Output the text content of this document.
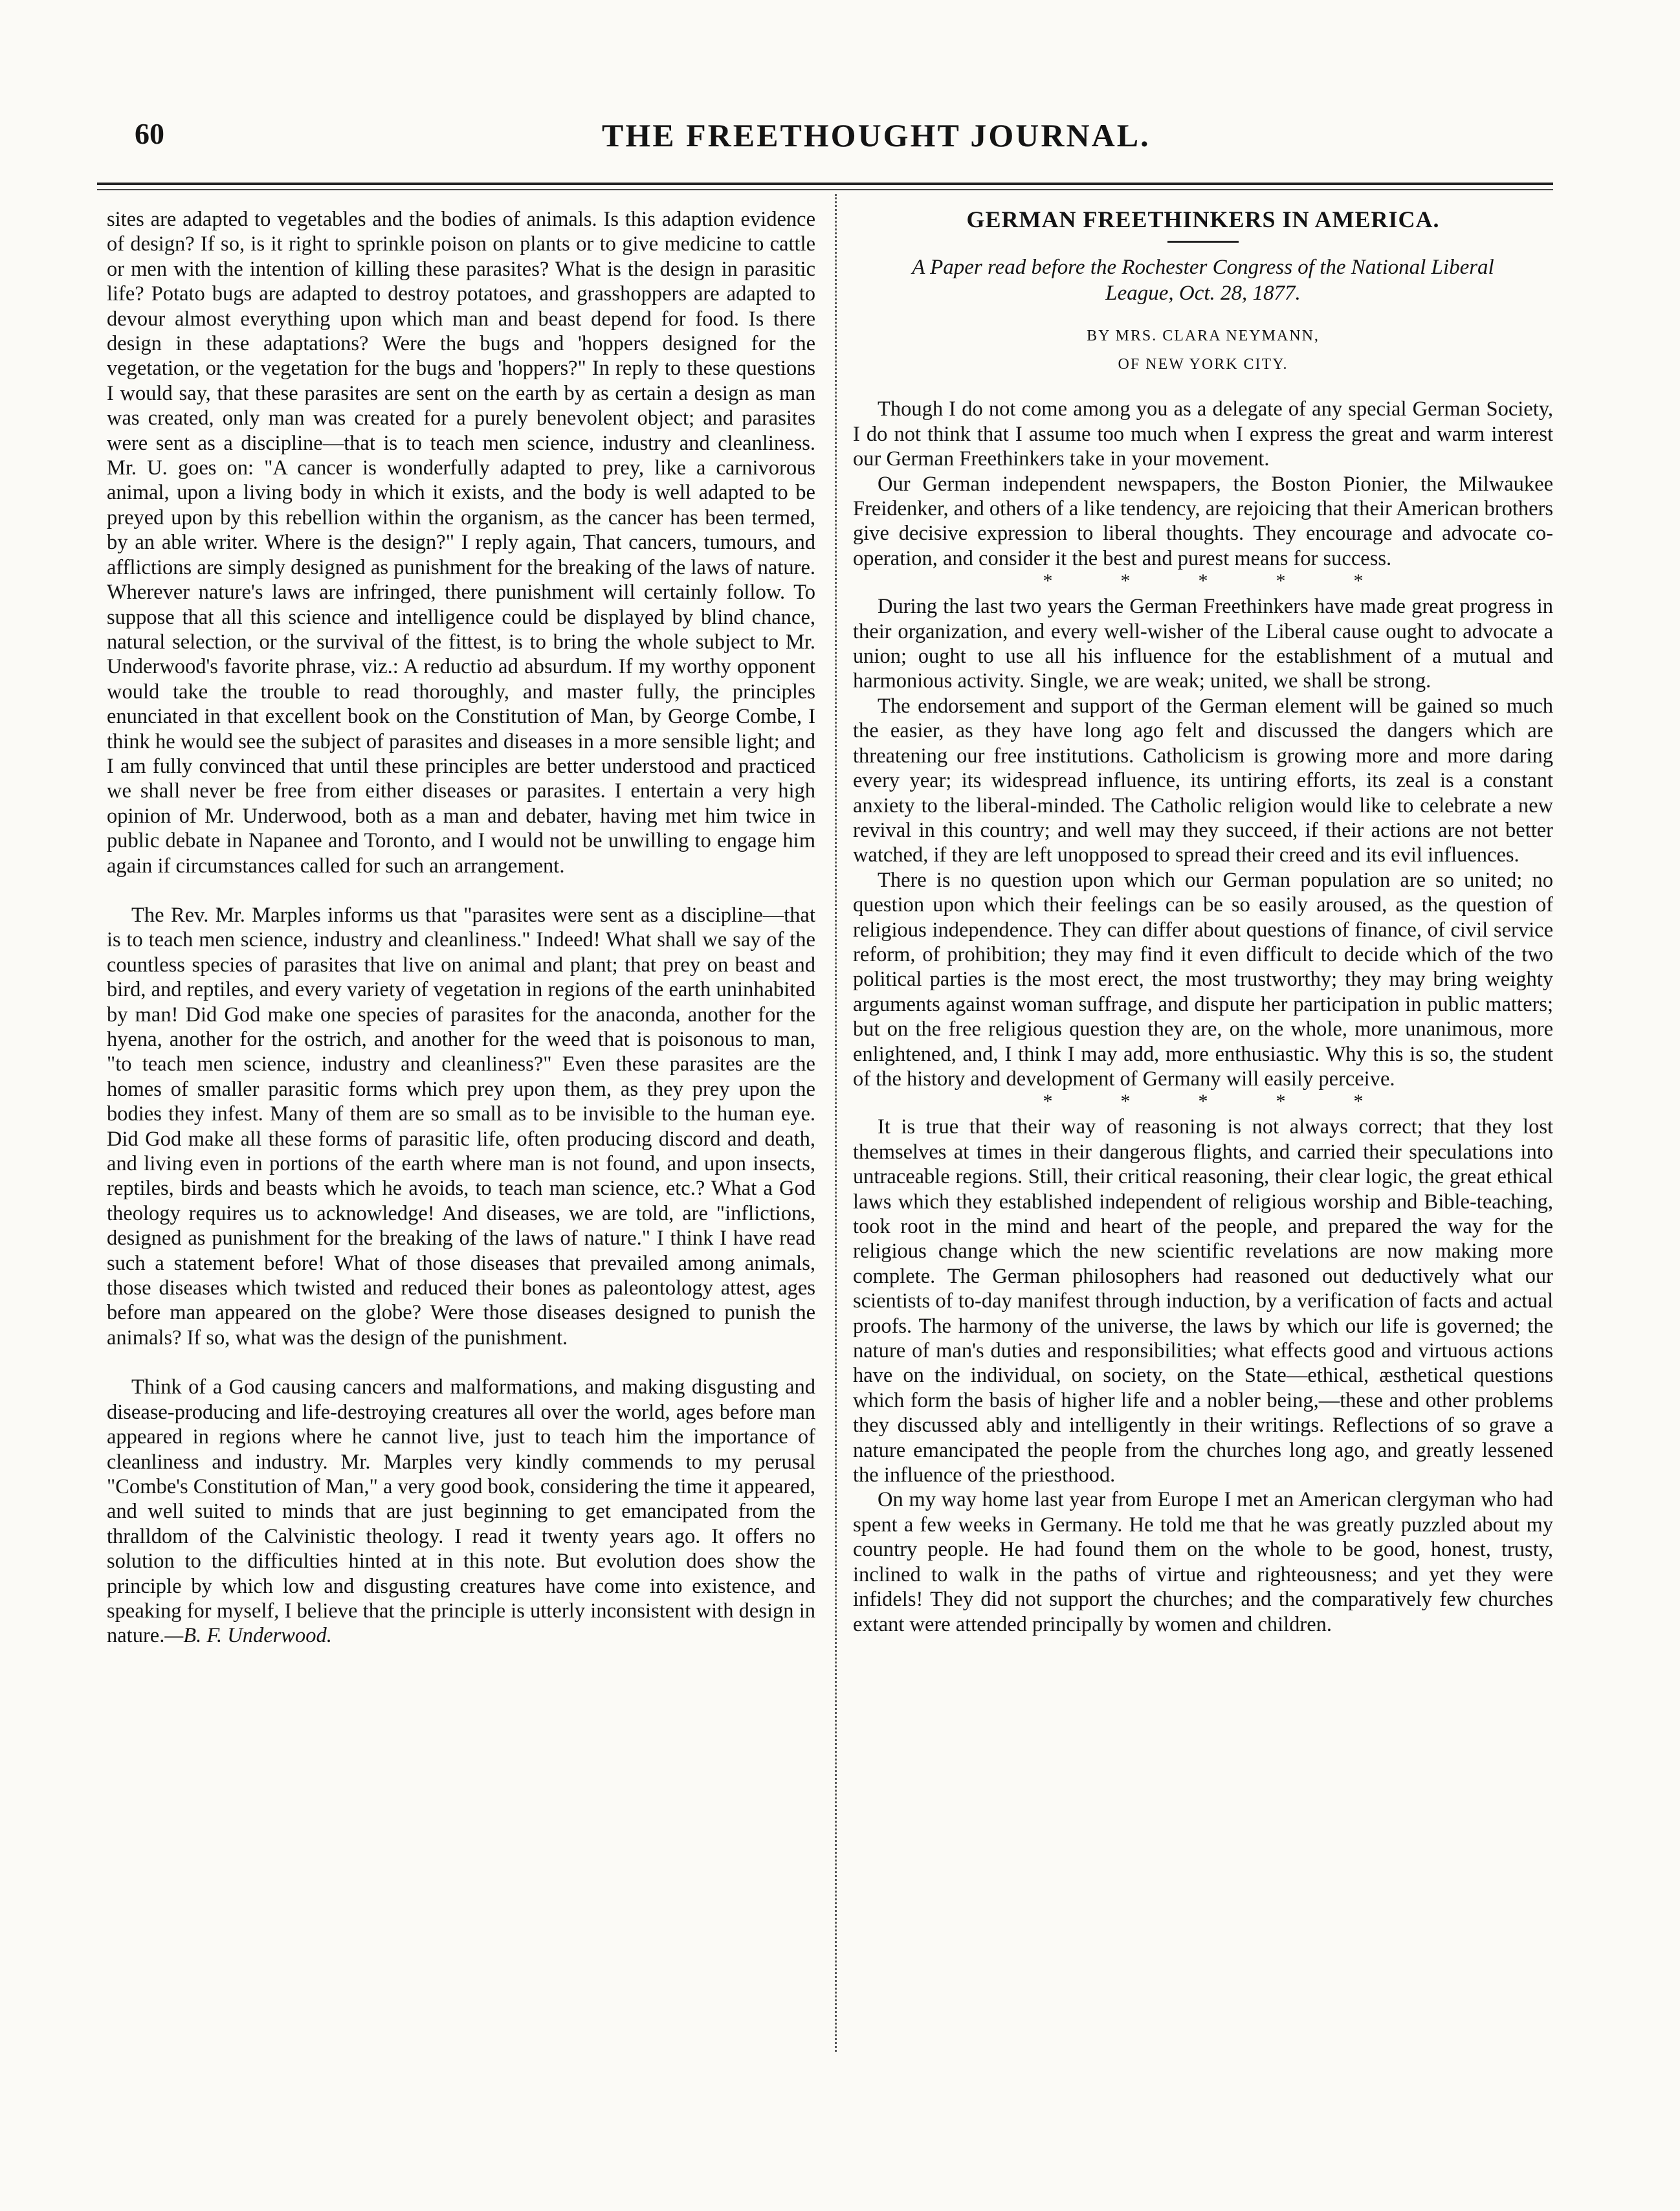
60	THE FREETHOUGHT JOURNAL.

sites are adapted to vegetables and the bodies of animals. Is this adaption evidence of design? If so, is it right to sprinkle poison on plants or to give medicine to cattle or men with the intention of killing these parasites? What is the design in parasitic life? Potato bugs are adapted to destroy potatoes, and grasshoppers are adapted to devour almost everything upon which man and beast depend for food. Is there design in these adaptations? Were the bugs and 'hoppers designed for the vegetation, or the vegetation for the bugs and 'hoppers?" In reply to these questions I would say, that these parasites are sent on the earth by as certain a design as man was created, only man was created for a purely benevolent object; and parasites were sent as a discipline—that is to teach men science, industry and cleanliness. Mr. U. goes on: "A cancer is wonderfully adapted to prey, like a carnivorous animal, upon a living body in which it exists, and the body is well adapted to be preyed upon by this rebellion within the organism, as the cancer has been termed, by an able writer. Where is the design?" I reply again, That cancers, tumours, and afflictions are simply designed as punishment for the breaking of the laws of nature. Wherever nature's laws are infringed, there punishment will certainly follow. To suppose that all this science and intelligence could be displayed by blind chance, natural selection, or the survival of the fittest, is to bring the whole subject to Mr. Underwood's favorite phrase, viz.: A reductio ad absurdum. If my worthy opponent would take the trouble to read thoroughly, and master fully, the principles enunciated in that excellent book on the Constitution of Man, by George Combe, I think he would see the subject of parasites and diseases in a more sensible light; and I am fully convinced that until these principles are better understood and practiced we shall never be free from either diseases or parasites. I entertain a very high opinion of Mr. Underwood, both as a man and debater, having met him twice in public debate in Napanee and Toronto, and I would not be unwilling to engage him again if circumstances called for such an arrangement.

The Rev. Mr. Marples informs us that "parasites were sent as a discipline—that is to teach men science, industry and cleanliness." Indeed! What shall we say of the countless species of parasites that live on animal and plant; that prey on beast and bird, and reptiles, and every variety of vegetation in regions of the earth uninhabited by man! Did God make one species of parasites for the anaconda, another for the hyena, another for the ostrich, and another for the weed that is poisonous to man, "to teach men science, industry and cleanliness?" Even these parasites are the homes of smaller parasitic forms which prey upon them, as they prey upon the bodies they infest. Many of them are so small as to be invisible to the human eye. Did God make all these forms of parasitic life, often producing discord and death, and living even in portions of the earth where man is not found, and upon insects, reptiles, birds and beasts which he avoids, to teach man science, etc.? What a God theology requires us to acknowledge! And diseases, we are told, are "inflictions, designed as punishment for the breaking of the laws of nature." I think I have read such a statement before! What of those diseases that prevailed among animals, those diseases which twisted and reduced their bones as paleontology attest, ages before man appeared on the globe? Were those diseases designed to punish the animals? If so, what was the design of the punishment.

Think of a God causing cancers and malformations, and making disgusting and disease-producing and life-destroying creatures all over the world, ages before man appeared in regions where he cannot live, just to teach him the importance of cleanliness and industry. Mr. Marples very kindly commends to my perusal "Combe's Constitution of Man," a very good book, considering the time it appeared, and well suited to minds that are just beginning to get emancipated from the thralldom of the Calvinistic theology. I read it twenty years ago. It offers no solution to the difficulties hinted at in this note. But evolution does show the principle by which low and disgusting creatures have come into existence, and speaking for myself, I believe that the principle is utterly inconsistent with design in nature.—B. F. Underwood.

GERMAN FREETHINKERS IN AMERICA.
A Paper read before the Rochester Congress of the National Liberal League, Oct. 28, 1877.
BY MRS. CLARA NEYMANN,
OF NEW YORK CITY.

Though I do not come among you as a delegate of any special German Society, I do not think that I assume too much when I express the great and warm interest our German Freethinkers take in your movement.

Our German independent newspapers, the Boston Pionier, the Milwaukee Freidenker, and others of a like tendency, are rejoicing that their American brothers give decisive expression to liberal thoughts. They encourage and advocate co-operation, and consider it the best and purest means for success.

*	*	*	*	*

During the last two years the German Freethinkers have made great progress in their organization, and every well-wisher of the Liberal cause ought to advocate a union; ought to use all his influence for the establishment of a mutual and harmonious activity. Single, we are weak; united, we shall be strong.

The endorsement and support of the German element will be gained so much the easier, as they have long ago felt and discussed the dangers which are threatening our free institutions. Catholicism is growing more and more daring every year; its widespread influence, its untiring efforts, its zeal is a constant anxiety to the liberal-minded. The Catholic religion would like to celebrate a new revival in this country; and well may they succeed, if their actions are not better watched, if they are left unopposed to spread their creed and its evil influences.

There is no question upon which our German population are so united; no question upon which their feelings can be so easily aroused, as the question of religious independence. They can differ about questions of finance, of civil service reform, of prohibition; they may find it even difficult to decide which of the two political parties is the most erect, the most trustworthy; they may bring weighty arguments against woman suffrage, and dispute her participation in public matters; but on the free religious question they are, on the whole, more unanimous, more enlightened, and, I think I may add, more enthusiastic. Why this is so, the student of the history and development of Germany will easily perceive.

*	*	*	*	*

It is true that their way of reasoning is not always correct; that they lost themselves at times in their dangerous flights, and carried their speculations into untraceable regions. Still, their critical reasoning, their clear logic, the great ethical laws which they established independent of religious worship and Bible-teaching, took root in the mind and heart of the people, and prepared the way for the religious change which the new scientific revelations are now making more complete. The German philosophers had reasoned out deductively what our scientists of to-day manifest through induction, by a verification of facts and actual proofs. The harmony of the universe, the laws by which our life is governed; the nature of man's duties and responsibilities; what effects good and virtuous actions have on the individual, on society, on the State—ethical, æsthetical questions which form the basis of higher life and a nobler being,—these and other problems they discussed ably and intelligently in their writings. Reflections of so grave a nature emancipated the people from the churches long ago, and greatly lessened the influence of the priesthood.

On my way home last year from Europe I met an American clergyman who had spent a few weeks in Germany. He told me that he was greatly puzzled about my country people. He had found them on the whole to be good, honest, trusty, inclined to walk in the paths of virtue and righteousness; and yet they were infidels! They did not support the churches; and the comparatively few churches extant were attended principally by women and children.
